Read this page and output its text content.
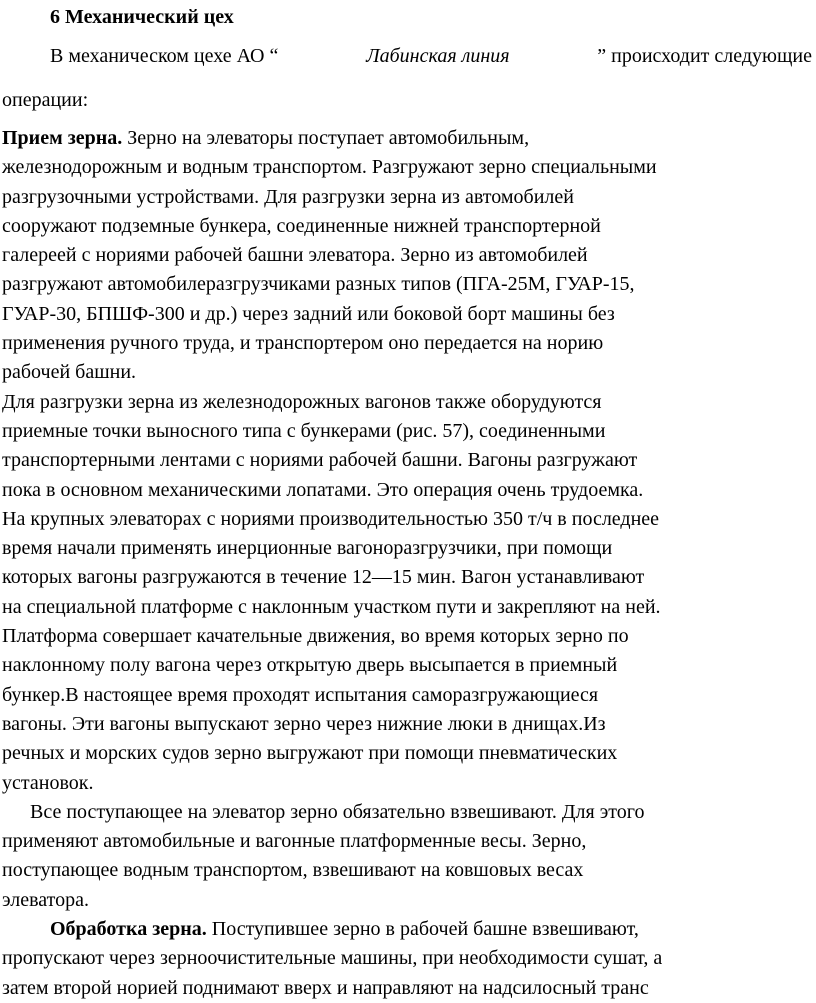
6 Механический цех
В механическом цехе АО “	Лабинская линия	” происходит следующие
операции:

Прием зерна. Зерно на элеваторы поступает автомобильным,
железнодорожным и водным транспортом. Разгружают зерно специальными
разгрузочными устройствами. Для разгрузки зерна из автомобилей
сооружают подземные бункера, соединенные нижней транспортерной
галереей с нориями рабочей башни элеватора. Зерно из автомобилей
разгружают автомобилеразгрузчиками разных типов (ПГА-25М, ГУАР-15,
ГУАР-30, БПШФ-300 и др.) через задний или боковой борт машины без
применения ручного труда, и транспортером оно передается на норию
рабочей башни.

Для разгрузки зерна из железнодорожных вагонов также оборудуются
приемные точки выносного типа с бункерами (рис. 57), соединенными
транспортерными лентами с нориями рабочей башни. Вагоны разгружают
пока в основном механическими лопатами. Это операция очень трудоемка.
На крупных элеваторах с нориями производительностью 350 т/ч в последнее
время начали применять инерционные вагоноразгрузчики, при помощи
которых вагоны разгружаются в течение 12—15 мин. Вагон устанавливают
на специальной платформе с наклонным участком пути и закрепляют на ней.
Платформа совершает качательные движения, во время которых зерно по
наклонному полу вагона через открытую дверь высыпается в приемный
бункер.В настоящее время проходят испытания саморазгружающиеся
вагоны. Эти вагоны выпускают зерно через нижние люки в днищах.Из
речных и морских судов зерно выгружают при помощи пневматических
установок.

Все поступающее на элеватор зерно обязательно взвешивают. Для этого
применяют автомобильные и вагонные платформенные весы. Зерно,
поступающее водным транспортом, взвешивают на ковшовых весах
элеватора.

Обработка зерна. Поступившее зерно в рабочей башне взвешивают,
пропускают через зерноочистительные машины, при необходимости сушат, а
затем второй норией поднимают вверх и направляют на надсилосный транс
